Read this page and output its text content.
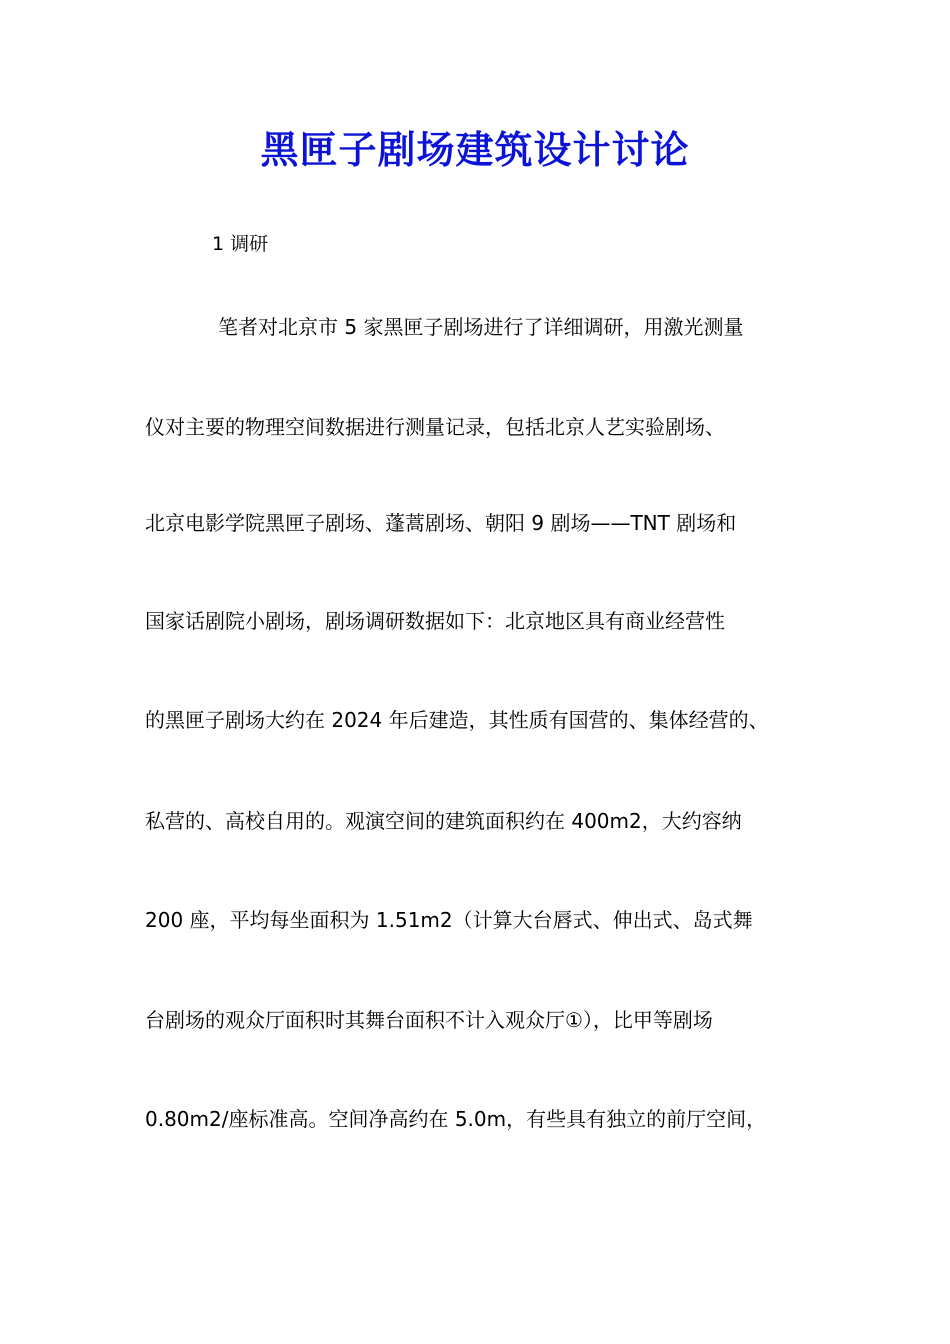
黑匣子剧场建筑设计讨论
1 调研
笔者对北京市 5 家黑匣子剧场进行了详细调研，用激光测量
仪对主要的物理空间数据进行测量记录，包括北京人艺实验剧场、
北京电影学院黑匣子剧场、蓬蒿剧场、朝阳 9 剧场——TNT 剧场和
国家话剧院小剧场，剧场调研数据如下：北京地区具有商业经营性
的黑匣子剧场大约在 2024 年后建造，其性质有国营的、集体经营的、
私营的、高校自用的。观演空间的建筑面积约在 400m2，大约容纳
200 座，平均每坐面积为 1.51m2（计算大台唇式、伸出式、岛式舞
台剧场的观众厅面积时其舞台面积不计入观众厅①），比甲等剧场
0.80m2/座标准高。空间净高约在 5.0m，有些具有独立的前厅空间，
